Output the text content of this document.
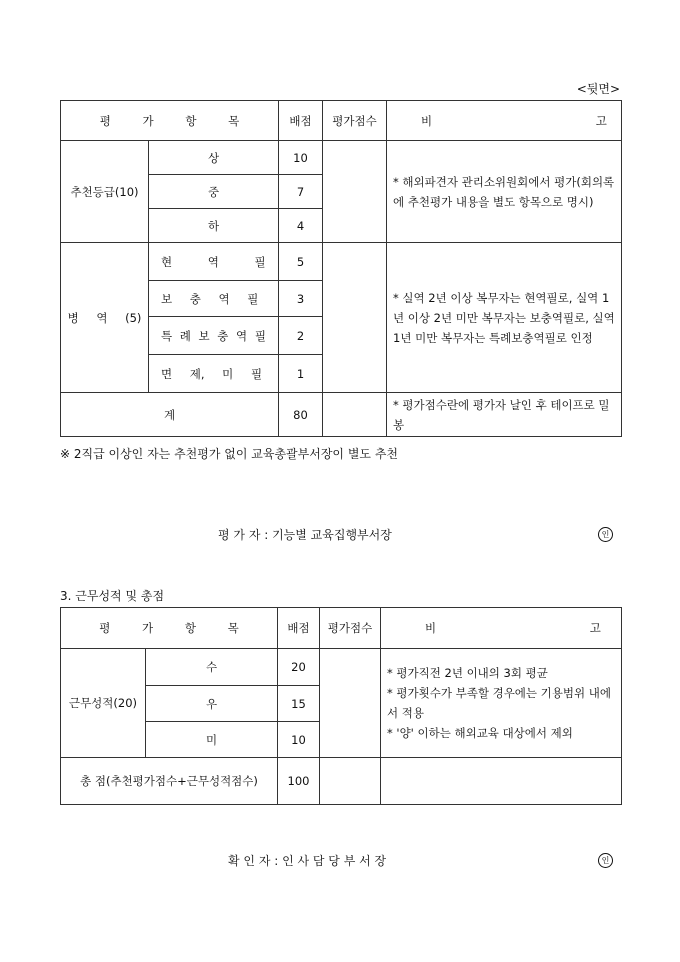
<뒷면>
평 가 항 목		배점	평가점수	비 고
추천등급(10)	상	10		* 해외파견자 관리소위원회에서 평가(회의록에 추천평가 내용을 별도 항목으로 명시)
	중	7		
	하	4		
병 역 (5)	현 역 필	5		* 실역 2년 이상 복무자는 현역필로, 실역 1년 이상 2년 미만 복무자는 보충역필로, 실역 1년 미만 복무자는 특례보충역필로 인정
	보 충 역 필	3		
	특 례 보 충 역 필	2		
	면 제, 미 필	1		
계		80		* 평가점수란에 평가자 날인 후 테이프로 밀봉
※ 2직급 이상인 자는 추천평가 없이 교육총괄부서장이 별도 추천
평 가 자 : 기능별 교육집행부서장	인
3. 근무성적 및 총점
평 가 항 목		배점	평가점수	비 고
근무성적(20)	수	20		* 평가직전 2년 이내의 3회 평균
* 평가횟수가 부족할 경우에는 기용범위 내에서 적용
* '양' 이하는 해외교육 대상에서 제외

	우	15		
	미	10		
총 점(추천평가점수+근무성적점수)		100		
확 인 자 : 인 사 담 당 부 서 장	인
